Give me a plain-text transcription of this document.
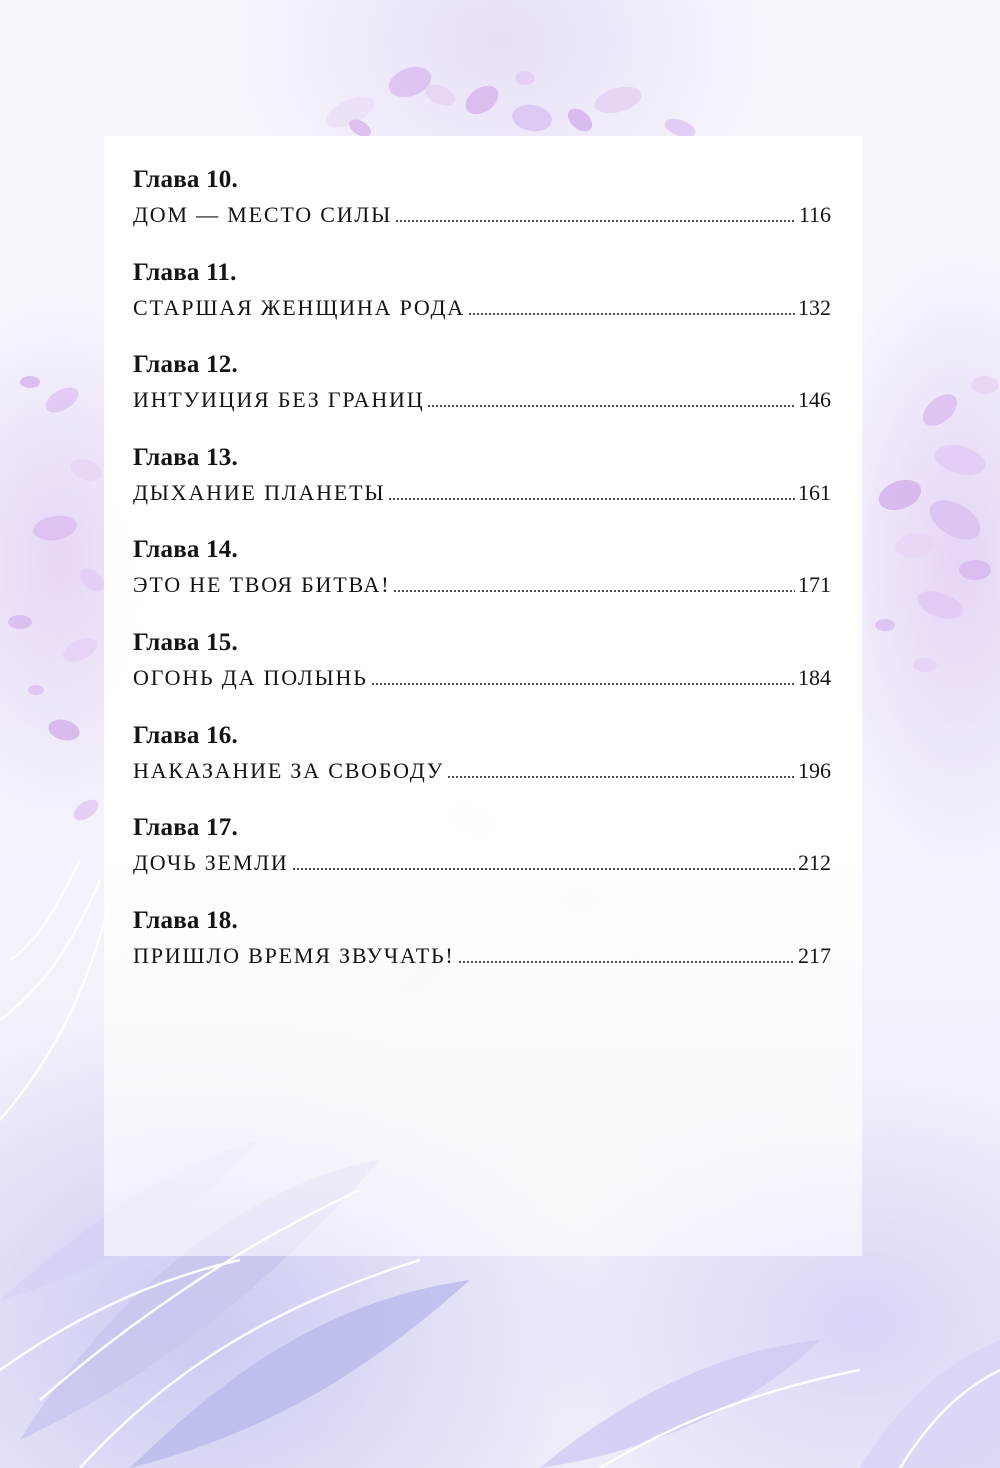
Глава 10.

ДОМ — МЕСТО СИЛЫ	116

Глава 11.

СТАРШАЯ ЖЕНЩИНА РОДА	132

Глава 12.

ИНТУИЦИЯ БЕЗ ГРАНИЦ	146

Глава 13.

ДЫХАНИЕ ПЛАНЕТЫ	161

Глава 14.

ЭТО НЕ ТВОЯ БИТВА!	171

Глава 15.

ОГОНЬ ДА ПОЛЫНЬ	184

Глава 16.

НАКАЗАНИЕ ЗА СВОБОДУ	196

Глава 17.

ДОЧЬ ЗЕМЛИ	212

Глава 18.

ПРИШЛО ВРЕМЯ ЗВУЧАТЬ!	217
